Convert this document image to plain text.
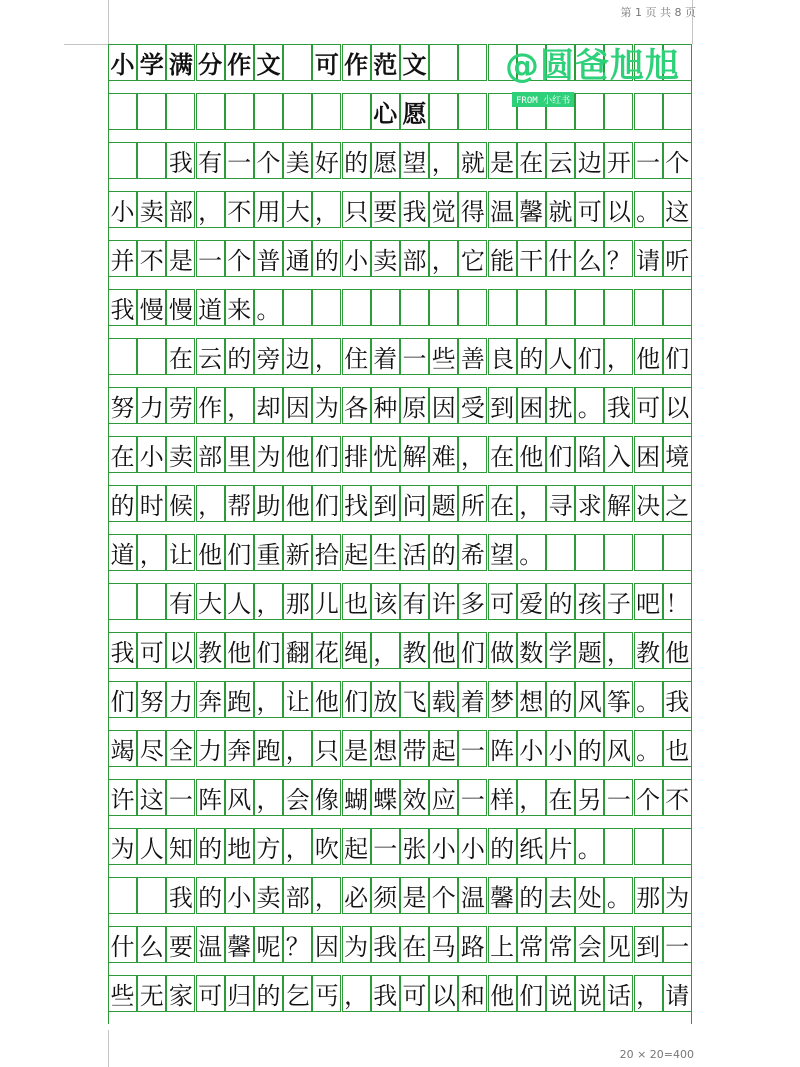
第 1 页 共 8 页
20 × 20=400
小 学 满 分 作 文 可 作 范 文
心 愿
我 有 一 个 美 好 的 愿 望 ， 就 是 在 云 边 开 一 个
小 卖 部 ， 不 用 大 ， 只 要 我 觉 得 温 馨 就 可 以 。 这
并 不 是 一 个 普 通 的 小 卖 部 ， 它 能 干 什 么 ？ 请 听
我 慢 慢 道 来 。
在 云 的 旁 边 ， 住 着 一 些 善 良 的 人 们 ， 他 们
努 力 劳 作 ， 却 因 为 各 种 原 因 受 到 困 扰 。 我 可 以
在 小 卖 部 里 为 他 们 排 忧 解 难 ， 在 他 们 陷 入 困 境
的 时 候 ， 帮 助 他 们 找 到 问 题 所 在 ， 寻 求 解 决 之
道 ， 让 他 们 重 新 拾 起 生 活 的 希 望 。
有 大 人 ， 那 儿 也 该 有 许 多 可 爱 的 孩 子 吧 ！
我 可 以 教 他 们 翻 花 绳 ， 教 他 们 做 数 学 题 ， 教 他
们 努 力 奔 跑 ， 让 他 们 放 飞 载 着 梦 想 的 风 筝 。 我
竭 尽 全 力 奔 跑 ， 只 是 想 带 起 一 阵 小 小 的 风 。 也
许 这 一 阵 风 ， 会 像 蝴 蝶 效 应 一 样 ， 在 另 一 个 不
为 人 知 的 地 方 ， 吹 起 一 张 小 小 的 纸 片 。
我 的 小 卖 部 ， 必 须 是 个 温 馨 的 去 处 。 那 为
什 么 要 温 馨 呢 ？ 因 为 我 在 马 路 上 常 常 会 见 到 一
些 无 家 可 归 的 乞 丐 ， 我 可 以 和 他 们 说 说 话 ， 请
@圆爸旭旭
FROM 小红书
